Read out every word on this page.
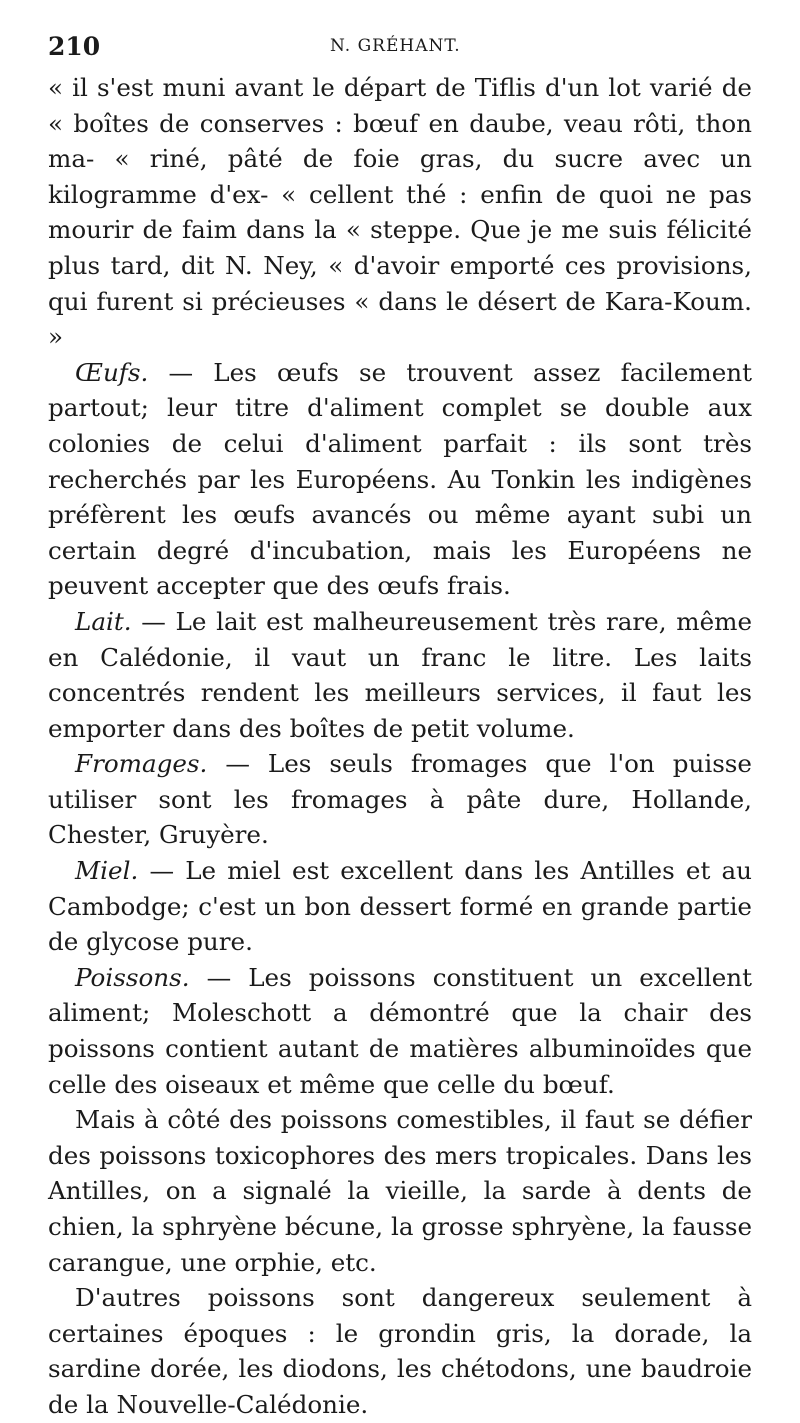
210	N. GRÉHANT.

« il s'est muni avant le départ de Tiflis d'un lot varié de « boîtes de conserves : bœuf en daube, veau rôti, thon ma- « riné, pâté de foie gras, du sucre avec un kilogramme d'ex- « cellent thé : enfin de quoi ne pas mourir de faim dans la « steppe. Que je me suis félicité plus tard, dit N. Ney, « d'avoir emporté ces provisions, qui furent si précieuses « dans le désert de Kara-Koum. »

Œufs. — Les œufs se trouvent assez facilement partout; leur titre d'aliment complet se double aux colonies de celui d'aliment parfait : ils sont très recherchés par les Européens. Au Tonkin les indigènes préfèrent les œufs avancés ou même ayant subi un certain degré d'incubation, mais les Européens ne peuvent accepter que des œufs frais.

Lait. — Le lait est malheureusement très rare, même en Calédonie, il vaut un franc le litre. Les laits concentrés rendent les meilleurs services, il faut les emporter dans des boîtes de petit volume.

Fromages. — Les seuls fromages que l'on puisse utiliser sont les fromages à pâte dure, Hollande, Chester, Gruyère.

Miel. — Le miel est excellent dans les Antilles et au Cambodge; c'est un bon dessert formé en grande partie de glycose pure.

Poissons. — Les poissons constituent un excellent aliment; Moleschott a démontré que la chair des poissons contient autant de matières albuminoïdes que celle des oiseaux et même que celle du bœuf.

Mais à côté des poissons comestibles, il faut se défier des poissons toxicophores des mers tropicales. Dans les Antilles, on a signalé la vieille, la sarde à dents de chien, la sphryène bécune, la grosse sphryène, la fausse carangue, une orphie, etc.

D'autres poissons sont dangereux seulement à certaines époques : le grondin gris, la dorade, la sardine dorée, les diodons, les chétodons, une baudroie de la Nouvelle-Calédonie.
